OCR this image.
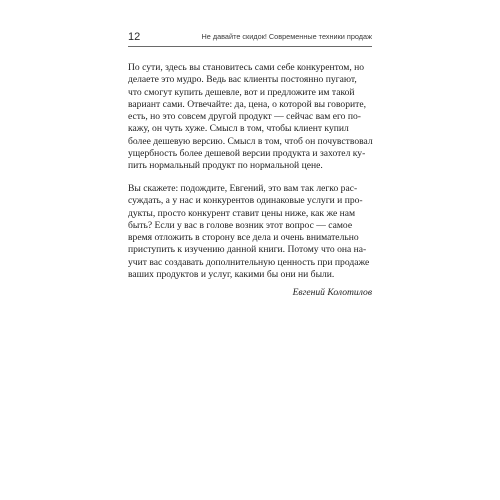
12	Не давайте скидок! Современные техники продаж
По сути, здесь вы становитесь сами себе конкурентом, но
делаете это мудро. Ведь вас клиенты постоянно пугают,
что смогут купить дешевле, вот и предложите им такой
вариант сами. Отвечайте: да, цена, о которой вы говорите,
есть, но это совсем другой продукт — сейчас вам его по-
кажу, он чуть хуже. Смысл в том, чтобы клиент купил
более дешевую версию. Смысл в том, чтоб он почувствовал
ущербность более дешевой версии продукта и захотел ку-
пить нормальный продукт по нормальной цене.
Вы скажете: подождите, Евгений, это вам так легко рас-
суждать, а у нас и конкурентов одинаковые услуги и про-
дукты, просто конкурент ставит цены ниже, как же нам
быть? Если у вас в голове возник этот вопрос — самое
время отложить в сторону все дела и очень внимательно
приступить к изучению данной книги. Потому что она на-
учит вас создавать дополнительную ценность при продаже
ваших продуктов и услуг, какими бы они ни были.
Евгений Колотилов
